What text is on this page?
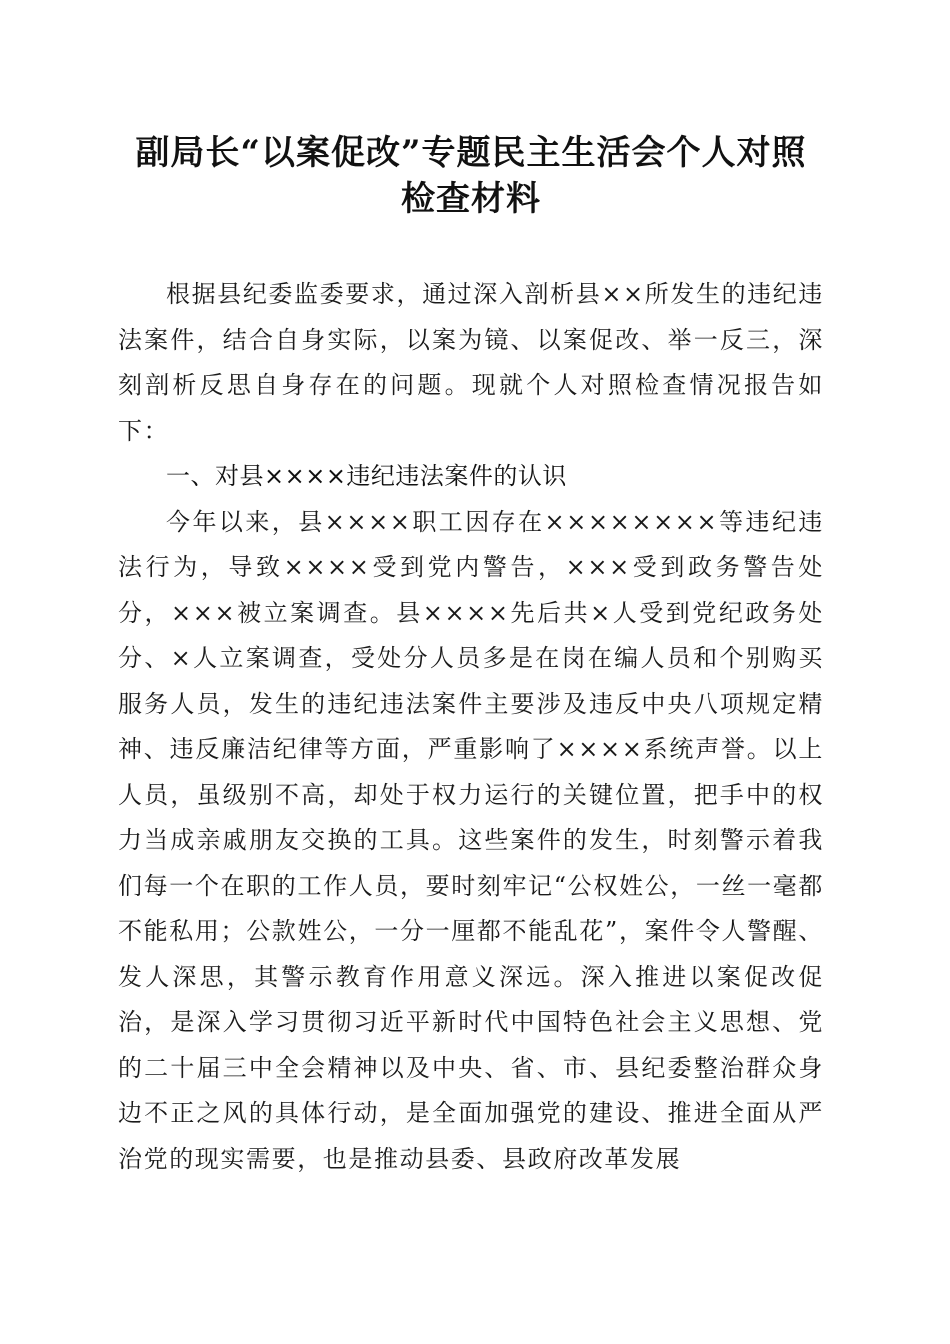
副局长“以案促改”专题民主生活会个人对照
检查材料

根据县纪委监委要求，通过深入剖析县××所发生的违纪违法案件，结合自身实际，以案为镜、以案促改、举一反三，深刻剖析反思自身存在的问题。现就个人对照检查情况报告如下：

一、对县××××违纪违法案件的认识

今年以来，县××××职工因存在××××××××等违纪违法行为，导致××××受到党内警告，×××受到政务警告处分，×××被立案调查。县××××先后共×人受到党纪政务处分、×人立案调查，受处分人员多是在岗在编人员和个别购买服务人员，发生的违纪违法案件主要涉及违反中央八项规定精神、违反廉洁纪律等方面，严重影响了××××系统声誉。以上人员，虽级别不高，却处于权力运行的关键位置，把手中的权力当成亲戚朋友交换的工具。这些案件的发生，时刻警示着我们每一个在职的工作人员，要时刻牢记“公权姓公，一丝一毫都不能私用；公款姓公，一分一厘都不能乱花”，案件令人警醒、发人深思，其警示教育作用意义深远。深入推进以案促改促治，是深入学习贯彻习近平新时代中国特色社会主义思想、党的二十届三中全会精神以及中央、省、市、县纪委整治群众身边不正之风的具体行动，是全面加强党的建设、推进全面从严治党的现实需要，也是推动县委、县政府改革发展
